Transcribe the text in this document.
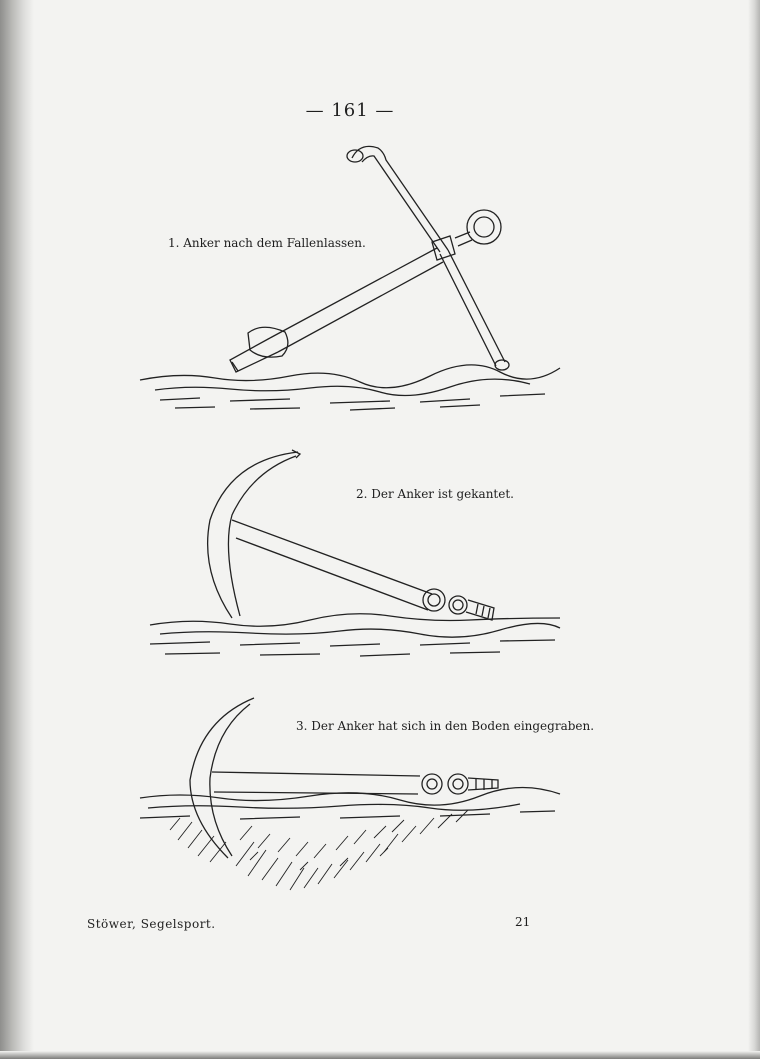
— 161 —
1. Anker nach dem Fallenlassen.
2. Der Anker ist gekantet.
3. Der Anker hat sich in den Boden eingegraben.
Stöwer, Segelsport.	21
